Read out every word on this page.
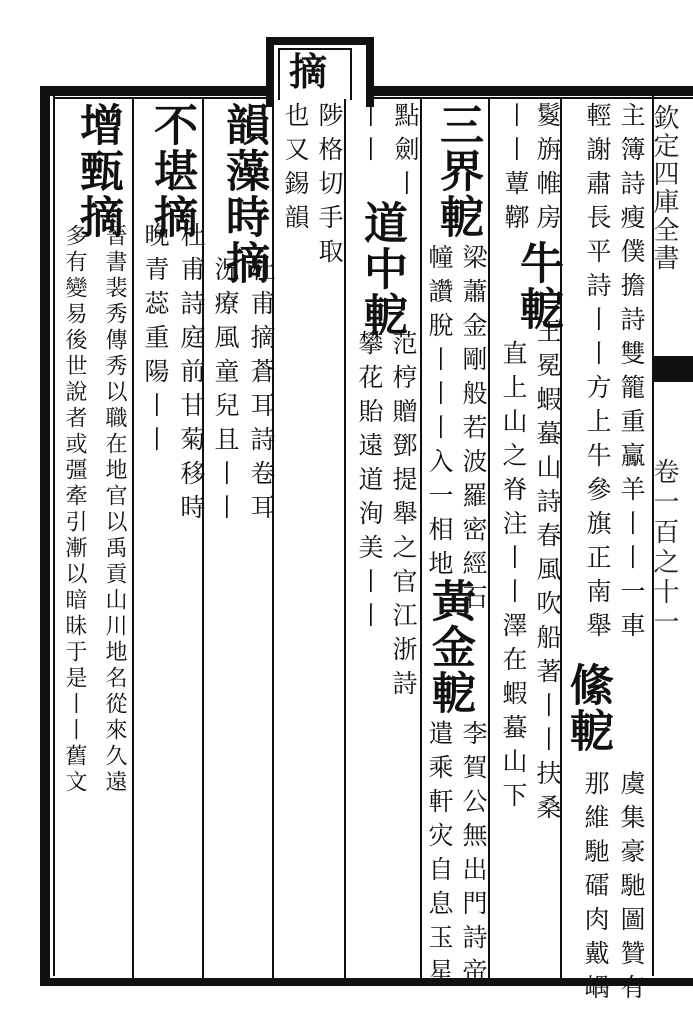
摘
欽定四庫全書
卷一百之十一
主簿詩瘦僕擔詩雙籠重驘羊丨丨一車
輕謝肅長平詩丨丨方上牛參旗正南舉
鬉旃帷房
絛軶
虞集豪馳圖贊有
那維馳礌肉戴嵎
丨丨蕈鞹
牛軶
王冕蝦蟇山詩春風吹船著丨丨扶桑
直上山之脊注丨丨澤在蝦蟇山下
三界軶
梁蕭金剛般若波羅密經石
幢讚脫丨丨丨入一相地
黃金軶
李賀公無出門詩帝
遣乘軒灾自息玉星
點劍丨
道中軶
范梈贈鄧提舉之官江浙詩
丨丨
攀花貽遠道洵美丨丨
陟格切手取
也又錫韻
韻藻時摘
杜甫摘蒼耳詩卷耳
況療風童兒且丨丨
不堪摘
杜甫詩庭前甘菊移時
晚青蕊重陽丨丨
增甄摘
晉書裴秀傳秀以職在地官以禹貢山川地名從來久遠
多有變易後世說者或彊牽引漸以暗昧于是丨丨舊文
